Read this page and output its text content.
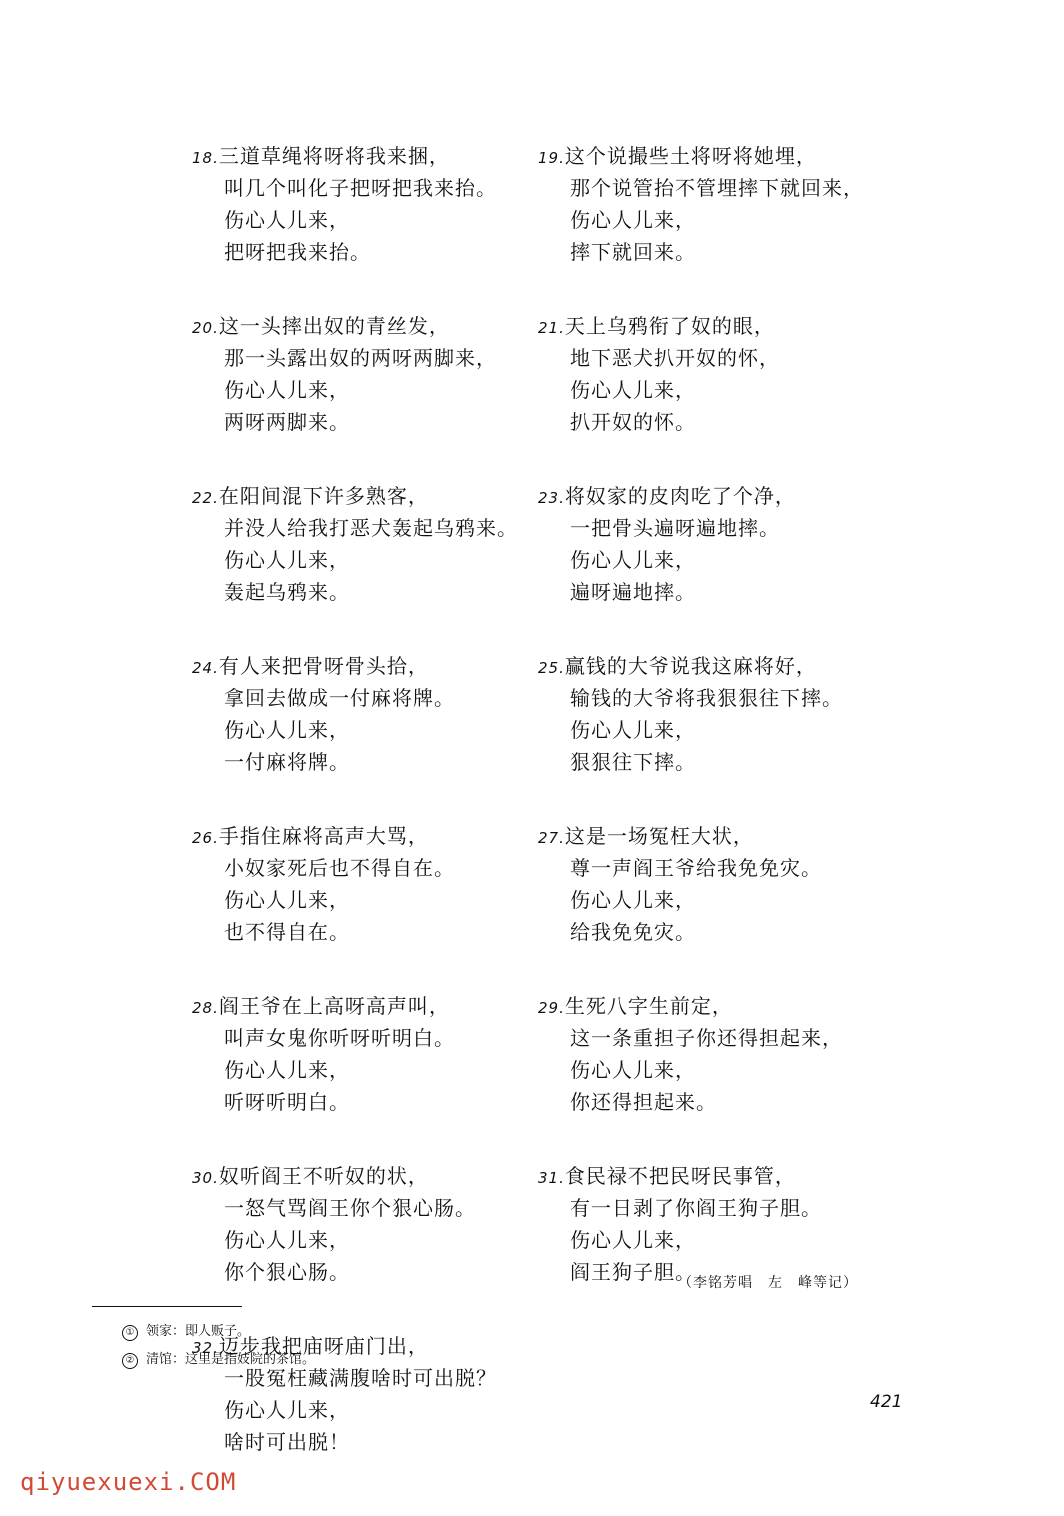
18.三道草绳将呀将我来捆，
叫几个叫化子把呀把我来抬。
伤心人儿来，
把呀把我来抬。
20.这一头摔出奴的青丝发，
那一头露出奴的两呀两脚来，
伤心人儿来，
两呀两脚来。
22.在阳间混下许多熟客，
并没人给我打恶犬轰起乌鸦来。
伤心人儿来，
轰起乌鸦来。
24.有人来把骨呀骨头拾，
拿回去做成一付麻将牌。
伤心人儿来，
一付麻将牌。
26.手指住麻将高声大骂，
小奴家死后也不得自在。
伤心人儿来，
也不得自在。
28.阎王爷在上高呀高声叫，
叫声女鬼你听呀听明白。
伤心人儿来，
听呀听明白。
30.奴听阎王不听奴的状，
一怒气骂阎王你个狠心肠。
伤心人儿来，
你个狠心肠。
32.迈步我把庙呀庙门出，
一股冤枉藏满腹啥时可出脱？
伤心人儿来，
啥时可出脱！
19.这个说撮些土将呀将她埋，
那个说管抬不管埋摔下就回来，
伤心人儿来，
摔下就回来。
21.天上乌鸦衔了奴的眼，
地下恶犬扒开奴的怀，
伤心人儿来，
扒开奴的怀。
23.将奴家的皮肉吃了个净，
一把骨头遍呀遍地摔。
伤心人儿来，
遍呀遍地摔。
25.赢钱的大爷说我这麻将好，
输钱的大爷将我狠狠往下摔。
伤心人儿来，
狠狠往下摔。
27.这是一场冤枉大状，
尊一声阎王爷给我免免灾。
伤心人儿来，
给我免免灾。
29.生死八字生前定，
这一条重担子你还得担起来，
伤心人儿来，
你还得担起来。
31.食民禄不把民呀民事管，
有一日剥了你阎王狗子胆。
伤心人儿来，
阎王狗子胆。
（李铭芳唱　左　峰等记）
① 领家：即人贩子。
② 清馆：这里是指妓院的茶馆。
421
qiyuexuexi.COM
